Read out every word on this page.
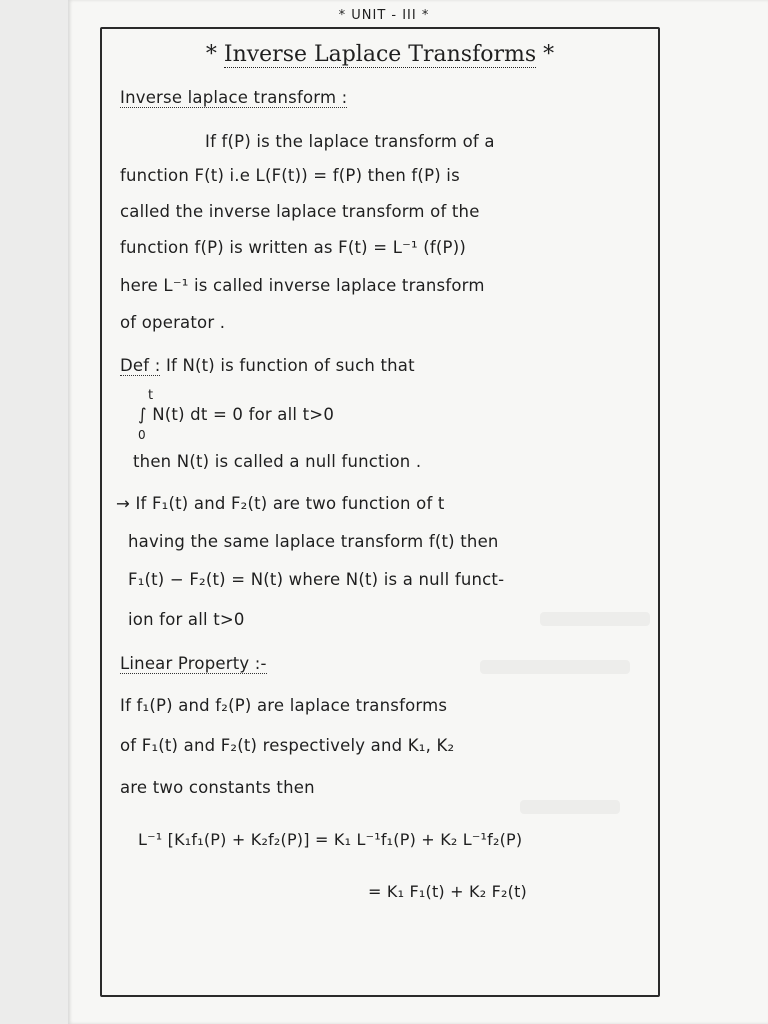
* UNIT - III *
* Inverse Laplace Transforms *
Inverse laplace transform :
If f(P) is the laplace transform of a
function F(t) i.e L(F(t)) = f(P) then f(P) is
called the inverse laplace transform of the
function f(P) is written as F(t) = L⁻¹ (f(P))
here L⁻¹ is called inverse laplace transform
of operator .
Def : If N(t) is function of such that
t
∫ N(t) dt = 0 for all t>0
0
then N(t) is called a null function .
→ If F₁(t) and F₂(t) are two function of t
having the same laplace transform f(t) then
F₁(t) − F₂(t) = N(t) where N(t) is a null funct-
ion for all t>0
Linear Property :-
If f₁(P) and f₂(P) are laplace transforms
of F₁(t) and F₂(t) respectively and K₁, K₂
are two constants then
L⁻¹ [K₁f₁(P) + K₂f₂(P)] = K₁ L⁻¹f₁(P) + K₂ L⁻¹f₂(P)
= K₁ F₁(t) + K₂ F₂(t)
